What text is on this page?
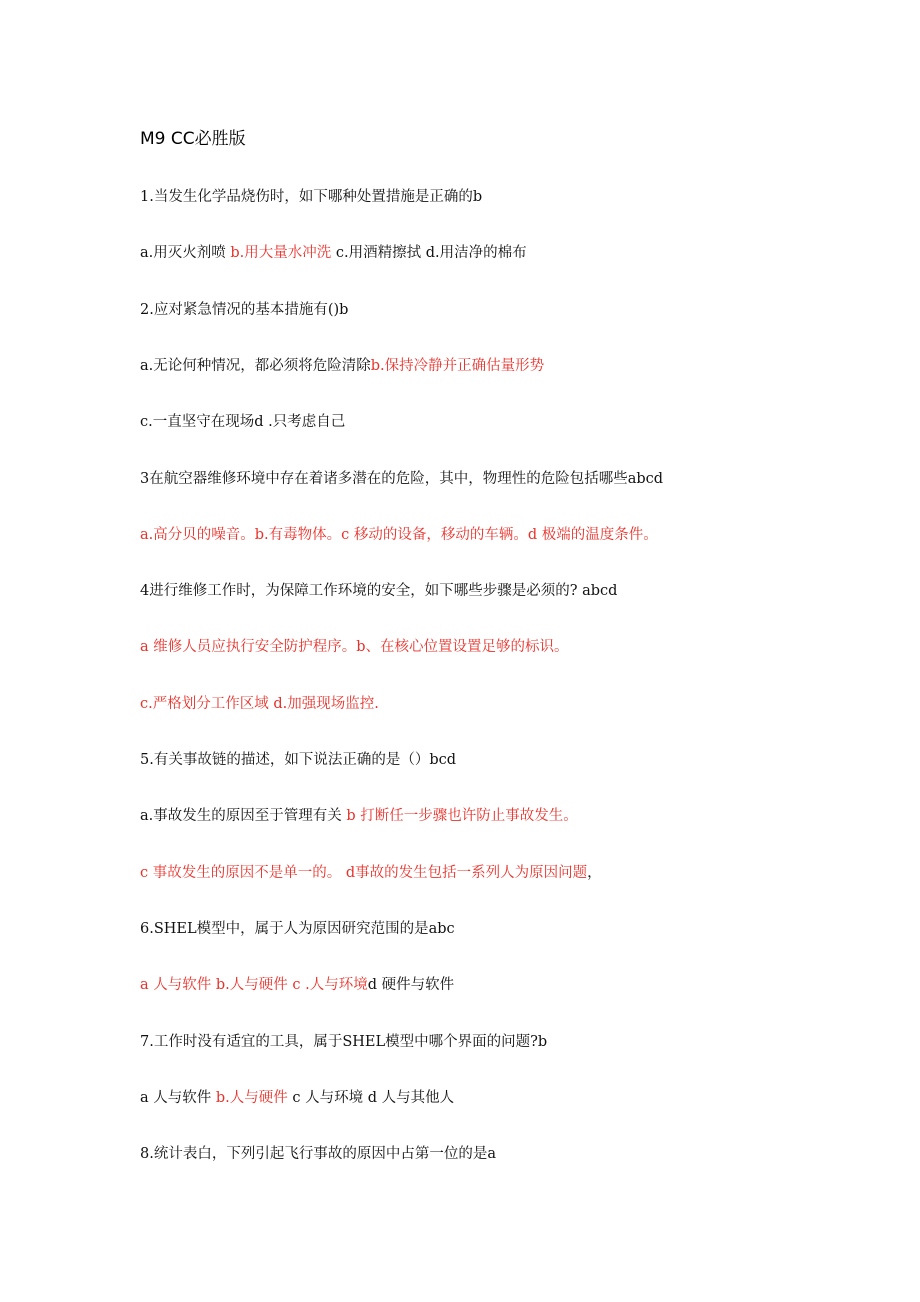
M9 CC必胜版
1.当发生化学品烧伤时，如下哪种处置措施是正确的b
a.用灭火剂喷 b.用大量水冲洗 c.用酒精擦拭 d.用洁净的棉布
2.应对紧急情况的基本措施有()b
a.无论何种情况，都必须将危险清除b.保持冷静并正确估量形势
c.一直坚守在现场d .只考虑自己
3在航空器维修环境中存在着诸多潜在的危险，其中，物理性的危险包括哪些abcd
a.高分贝的噪音。b.有毒物体。c 移动的设备，移动的车辆。d 极端的温度条件。
4进行维修工作时，为保障工作环境的安全，如下哪些步骤是必须的? abcd
a 维修人员应执行安全防护程序。b、在核心位置设置足够的标识。
c.严格划分工作区域 d.加强现场监控.
5.有关事故链的描述，如下说法正确的是（）bcd
a.事故发生的原因至于管理有关 b 打断任一步骤也许防止事故发生。
c 事故发生的原因不是单一的。 d事故的发生包括一系列人为原因问题，
6.SHEL模型中，属于人为原因研究范围的是abc
a 人与软件 b.人与硬件 c .人与环境d 硬件与软件
7.工作时没有适宜的工具，属于SHEL模型中哪个界面的问题?b
a 人与软件 b.人与硬件 c 人与环境 d 人与其他人
8.统计表白，下列引起飞行事故的原因中占第一位的是a
